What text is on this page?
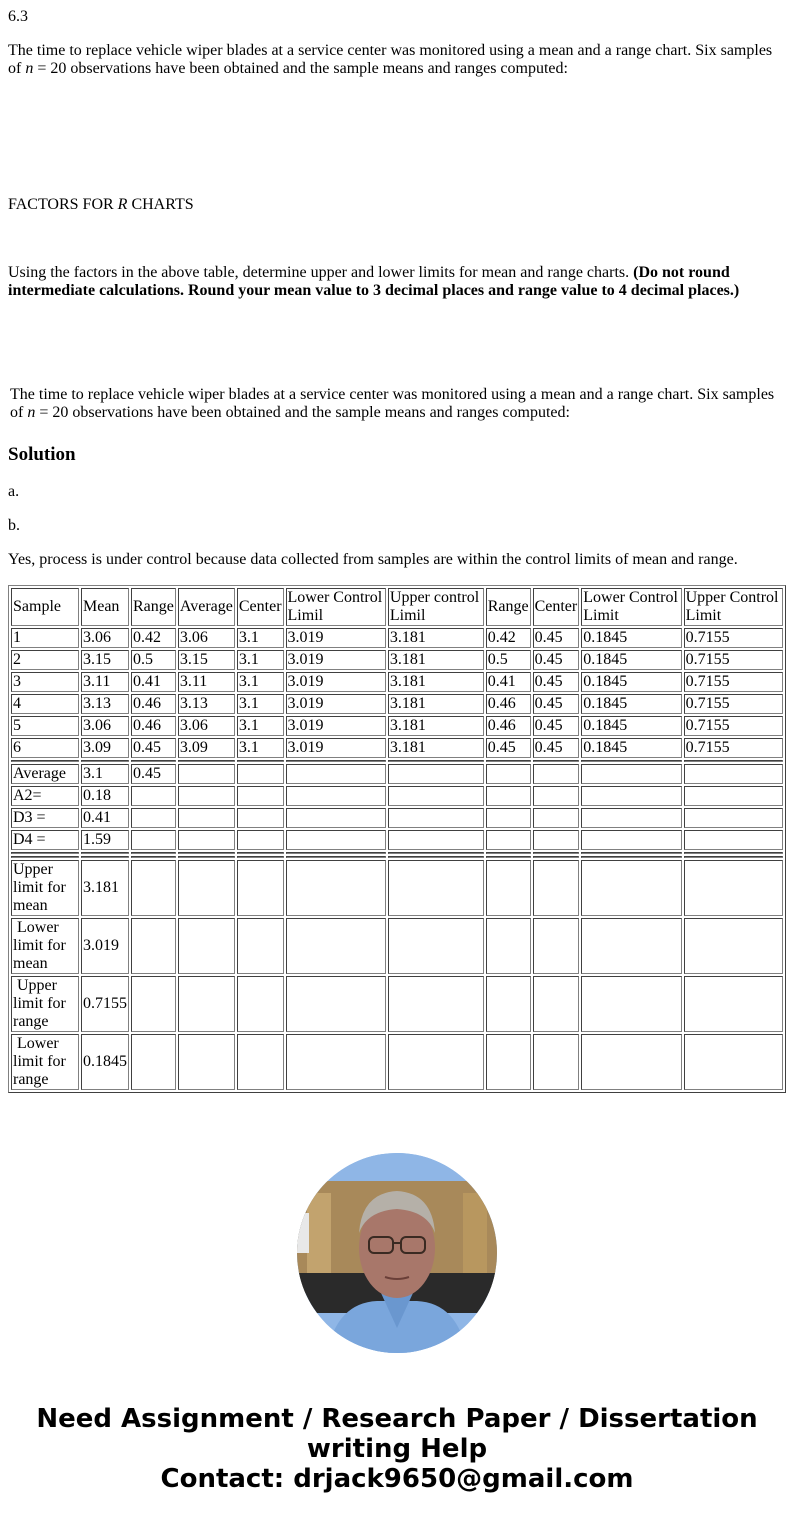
6.3

The time to replace vehicle wiper blades at a service center was monitored using a mean and a range chart. Six samples of n = 20 observations have been obtained and the sample means and ranges computed:

FACTORS FOR R CHARTS

Using the factors in the above table, determine upper and lower limits for mean and range charts. (Do not round intermediate calculations. Round your mean value to 3 decimal places and range value to 4 decimal places.)

The time to replace vehicle wiper blades at a service center was monitored using a mean and a range chart. Six samples of n = 20 observations have been obtained and the sample means and ranges computed:

Solution

a.

b.

Yes, process is under control because data collected from samples are within the control limits of mean and range.

Sample	Mean	Range	Average	Center	Lower Control Limil	Upper control Limil	Range	Center	Lower Control Limit	Upper Control Limit
1	3.06	0.42	3.06	3.1	3.019	3.181	0.42	0.45	0.1845	0.7155
2	3.15	0.5	3.15	3.1	3.019	3.181	0.5	0.45	0.1845	0.7155
3	3.11	0.41	3.11	3.1	3.019	3.181	0.41	0.45	0.1845	0.7155
4	3.13	0.46	3.13	3.1	3.019	3.181	0.46	0.45	0.1845	0.7155
5	3.06	0.46	3.06	3.1	3.019	3.181	0.46	0.45	0.1845	0.7155
6	3.09	0.45	3.09	3.1	3.019	3.181	0.45	0.45	0.1845	0.7155

Average	3.1	0.45								
A2=	0.18									
D3 =	0.41									
D4 =	1.59									

Upper limit for mean	3.181									
Lower limit for mean	3.019									
Upper limit for range	0.7155									
Lower limit for range	0.1845									
Need Assignment / Research Paper / Dissertation
writing Help
Contact: drjack9650@gmail.com
